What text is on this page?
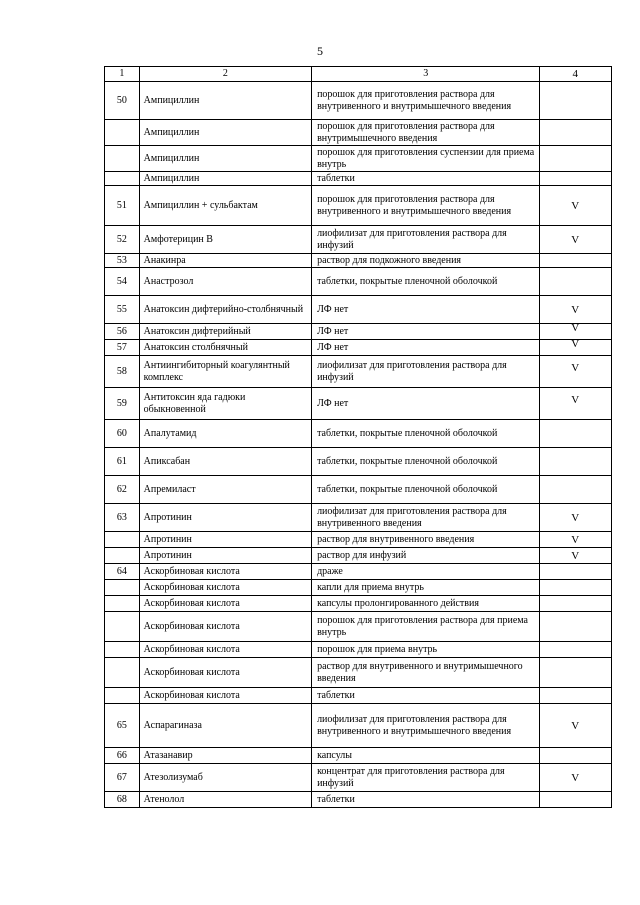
5
1	2	3	4
50	Ампициллин	порошок для приготовления раствора для внутривенного и внутримышечного введения	

	Ампициллин	порошок для приготовления раствора для внутримышечного введения	

	Ампициллин	порошок для приготовления суспензии для приема внутрь	

	Ампициллин	таблетки	

51	Ампициллин + сульбактам	порошок для приготовления раствора для внутривенного и внутримышечного введения	V

52	Амфотерицин В	лиофилизат для приготовления раствора для инфузий	V

53	Анакинра	раствор для подкожного введения	

54	Анастрозол	таблетки, покрытые пленочной оболочкой	

55	Анатоксин дифтерийно-столбнячный	ЛФ нет	V

56	Анатоксин дифтерийный	ЛФ нет	V

57	Анатоксин столбнячный	ЛФ нет	V

58	Антиингибиторный коагулянтный комплекс	лиофилизат для приготовления раствора для инфузий	V

59	Антитоксин яда гадюки обыкновенной	ЛФ нет	V

60	Апалутамид	таблетки, покрытые пленочной оболочкой	

61	Апиксабан	таблетки, покрытые пленочной оболочкой	

62	Апремиласт	таблетки, покрытые пленочной оболочкой	

63	Апротинин	лиофилизат для приготовления раствора для внутривенного введения	V

	Апротинин	раствор для внутривенного введения	V

	Апротинин	раствор для инфузий	V

64	Аскорбиновая кислота	драже	

	Аскорбиновая кислота	капли для приема внутрь	

	Аскорбиновая кислота	капсулы пролонгированного действия	

	Аскорбиновая кислота	порошок для приготовления раствора для приема внутрь	

	Аскорбиновая кислота	порошок для приема внутрь	

	Аскорбиновая кислота	раствор для внутривенного и внутримышечного введения	

	Аскорбиновая кислота	таблетки	

65	Аспарагиназа	лиофилизат для приготовления раствора для внутривенного и внутримышечного введения	V

66	Атазанавир	капсулы	

67	Атезолизумаб	концентрат для приготовления раствора для инфузий	V

68	Атенолол	таблетки	
